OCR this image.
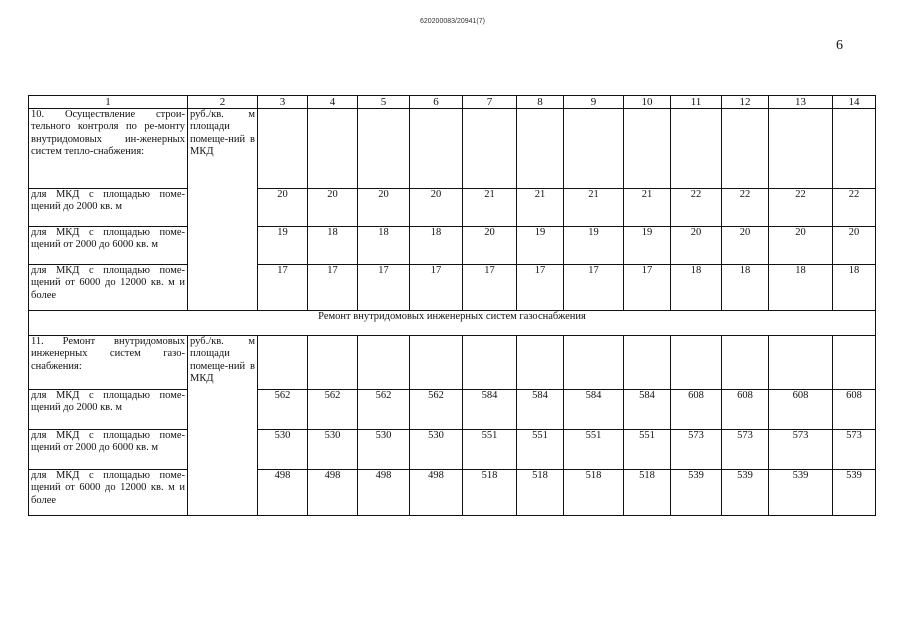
620200083/20941(7)
6
1	2	3	4	5	6	7	8	9	10	11	12	13	14
10. Осуществление строи-тельного контроля по ре-монту внутридомовых ин-женерных систем тепло-снабжения:	руб./кв. м площади помеще-ний в МКД												
для МКД с площадью поме-щений до 2000 кв. м		20	20	20	20	21	21	21	21	22	22	22	22
для МКД с площадью поме-щений от 2000 до 6000 кв. м		19	18	18	18	20	19	19	19	20	20	20	20
для МКД с площадью поме-щений от 6000 до 12000 кв. м и более		17	17	17	17	17	17	17	17	18	18	18	18
Ремонт внутридомовых инженерных систем газоснабжения													
11. Ремонт внутридомовых инженерных систем газо-снабжения:	руб./кв. м площади помеще-ний в МКД												
для МКД с площадью поме-щений до 2000 кв. м		562	562	562	562	584	584	584	584	608	608	608	608
для МКД с площадью поме-щений от 2000 до 6000 кв. м		530	530	530	530	551	551	551	551	573	573	573	573
для МКД с площадью поме-щений от 6000 до 12000 кв. м и более		498	498	498	498	518	518	518	518	539	539	539	539
